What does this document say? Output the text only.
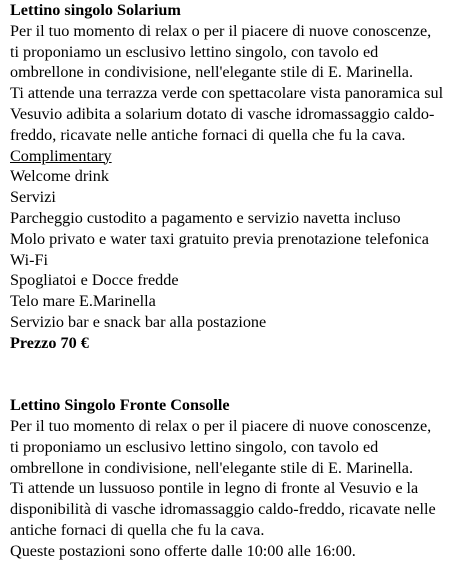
Lettino singolo Solarium
Per il tuo momento di relax o per il piacere di nuove conoscenze,
ti proponiamo un esclusivo lettino singolo, con tavolo ed
ombrellone in condivisione, nell'elegante stile di E. Marinella.
Ti attende una terrazza verde con spettacolare vista panoramica sul
Vesuvio adibita a solarium dotato di vasche idromassaggio caldo-
freddo, ricavate nelle antiche fornaci di quella che fu la cava.
Complimentary
Welcome drink
Servizi
Parcheggio custodito a pagamento e servizio navetta incluso
Molo privato e water taxi gratuito previa prenotazione telefonica
Wi-Fi
Spogliatoi e Docce fredde
Telo mare E.Marinella
Servizio bar e snack bar alla postazione
Prezzo 70 €
Lettino Singolo Fronte Consolle
Per il tuo momento di relax o per il piacere di nuove conoscenze,
ti proponiamo un esclusivo lettino singolo, con tavolo ed
ombrellone in condivisione, nell'elegante stile di E. Marinella.
Ti attende un lussuoso pontile in legno di fronte al Vesuvio e la
disponibilità di vasche idromassaggio caldo-freddo, ricavate nelle
antiche fornaci di quella che fu la cava.
Queste postazioni sono offerte dalle 10:00 alle 16:00.
